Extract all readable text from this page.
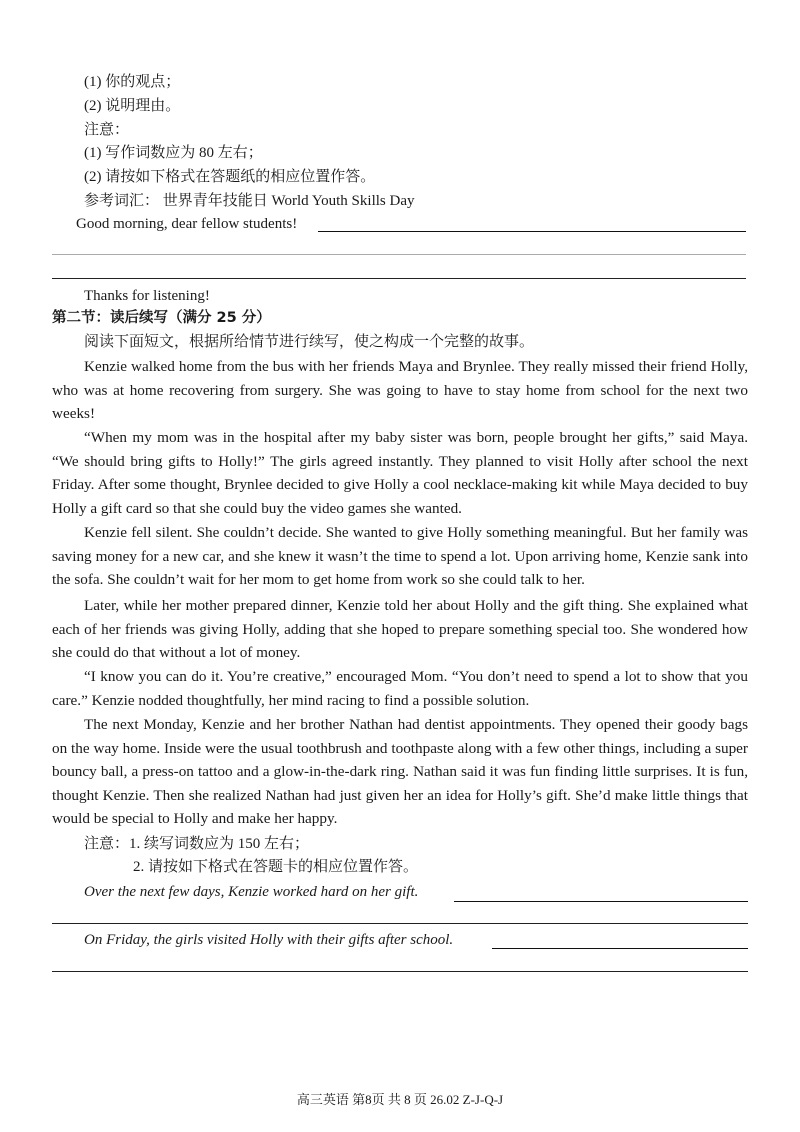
(1) 你的观点；
(2) 说明理由。
注意：
(1) 写作词数应为 80 左右；
(2) 请按如下格式在答题纸的相应位置作答。
参考词汇： 世界青年技能日 World Youth Skills Day
Good morning, dear fellow students!
Thanks for listening!
第二节：读后续写（满分 25 分）
阅读下面短文，根据所给情节进行续写，使之构成一个完整的故事。
Kenzie walked home from the bus with her friends Maya and Brynlee. They really missed their friend Holly, who was at home recovering from surgery. She was going to have to stay home from school for the next two weeks!
“When my mom was in the hospital after my baby sister was born, people brought her gifts,” said Maya. “We should bring gifts to Holly!” The girls agreed instantly. They planned to visit Holly after school the next Friday. After some thought, Brynlee decided to give Holly a cool necklace-making kit while Maya decided to buy Holly a gift card so that she could buy the video games she wanted.
Kenzie fell silent. She couldn’t decide. She wanted to give Holly something meaningful. But her family was saving money for a new car, and she knew it wasn’t the time to spend a lot. Upon arriving home, Kenzie sank into the sofa. She couldn’t wait for her mom to get home from work so she could talk to her.
Later, while her mother prepared dinner, Kenzie told her about Holly and the gift thing. She explained what each of her friends was giving Holly, adding that she hoped to prepare something special too. She wondered how she could do that without a lot of money.
“I know you can do it. You’re creative,” encouraged Mom. “You don’t need to spend a lot to show that you care.” Kenzie nodded thoughtfully, her mind racing to find a possible solution.
The next Monday, Kenzie and her brother Nathan had dentist appointments. They opened their goody bags on the way home. Inside were the usual toothbrush and toothpaste along with a few other things, including a super bouncy ball, a press-on tattoo and a glow-in-the-dark ring. Nathan said it was fun finding little surprises. It is fun, thought Kenzie. Then she realized Nathan had just given her an idea for Holly’s gift. She’d make little things that would be special to Holly and make her happy.
注意：1. 续写词数应为 150 左右；
2. 请按如下格式在答题卡的相应位置作答。
Over the next few days, Kenzie worked hard on her gift.
On Friday, the girls visited Holly with their gifts after school.
高三英语 第8页 共 8 页 26.02 Z-J-Q-J
